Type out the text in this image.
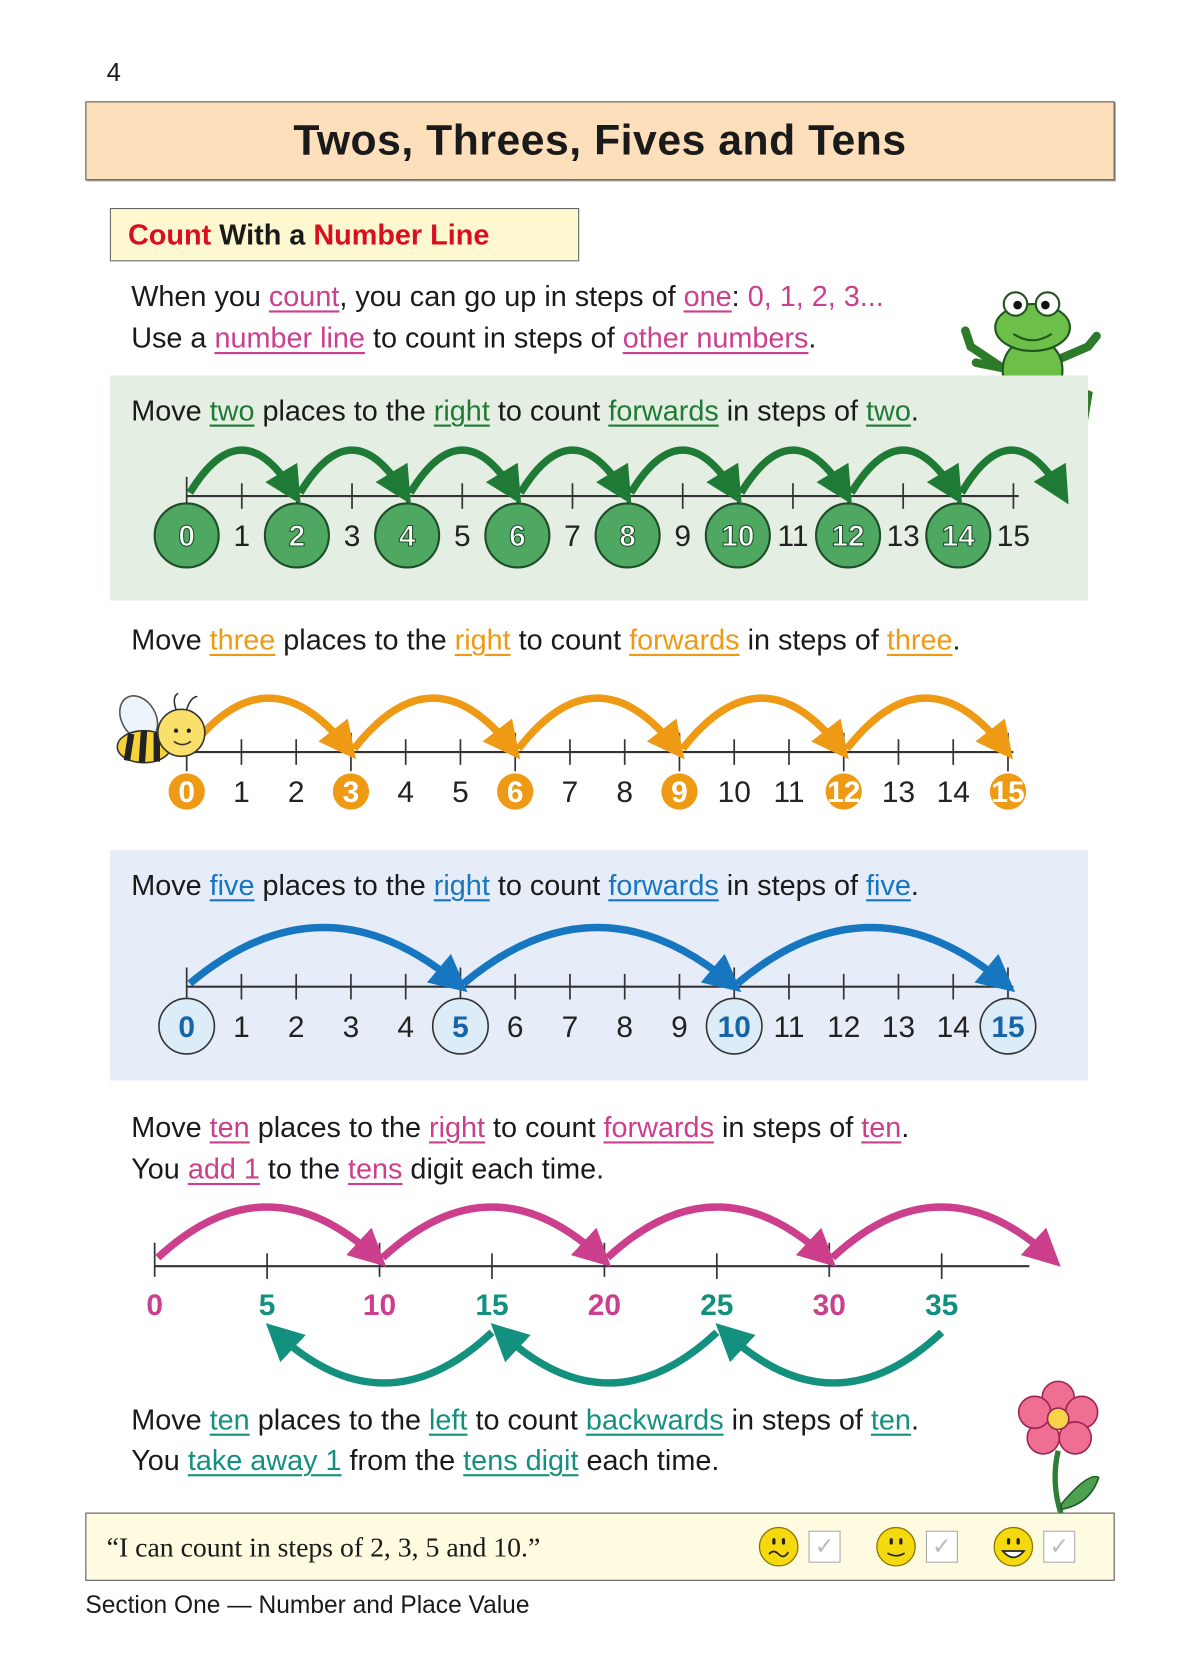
4
Twos, Threes, Fives and Tens
Count With a Number Line
When you count, you can go up in steps of one: 0, 1, 2, 3...
Use a number line to count in steps of other numbers.
Move two places to the right to count forwards in steps of two.
0 1 2 3 4 5 6 7 8 9 10 11 12 13 14 15
Move three places to the right to count forwards in steps of three.
0 1 2 3 4 5 6 7 8 9 10 11 12 13 14 15
Move five places to the right to count forwards in steps of five.
0 1 2 3 4 5 6 7 8 9 10 11 12 13 14 15
Move ten places to the right to count forwards in steps of ten.
You add 1 to the tens digit each time.
0	5	10	15	20	25	30	35
Move ten places to the left to count backwards in steps of ten.
You take away 1 from the tens digit each time.
“I can count in steps of 2, 3, 5 and 10.”	✓	✓	✓
Section One — Number and Place Value
